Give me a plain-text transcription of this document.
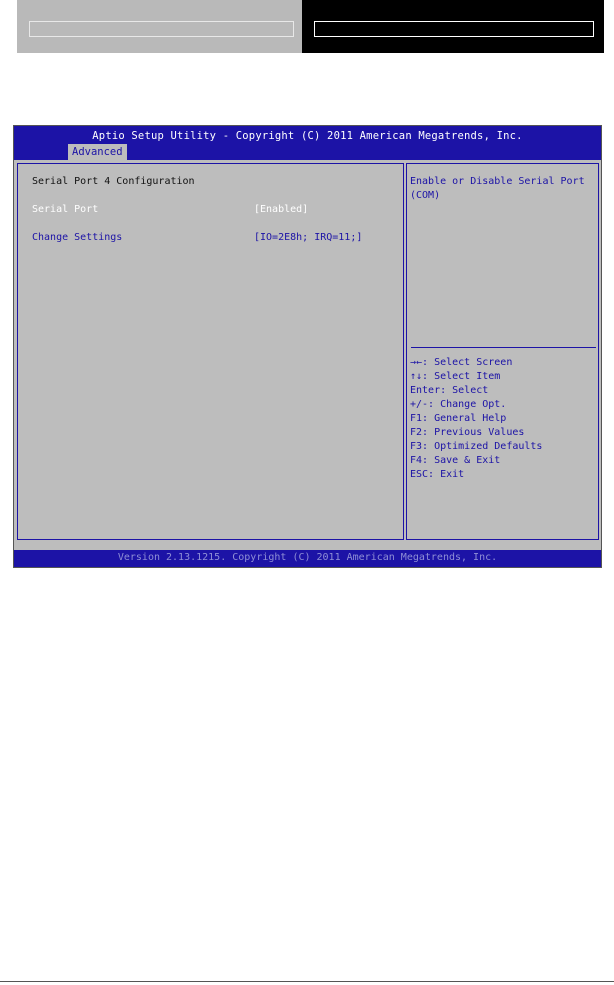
Aptio Setup Utility - Copyright (C) 2011 American Megatrends, Inc.
Advanced
Serial Port 4 Configuration
Serial Port	[Enabled]
Change Settings	[IO=2E8h; IRQ=11;]
Enable or Disable Serial Port
(COM)
→←: Select Screen
↑↓: Select Item
Enter: Select
+/-: Change Opt.
F1: General Help
F2: Previous Values
F3: Optimized Defaults
F4: Save & Exit
ESC: Exit
Version 2.13.1215. Copyright (C) 2011 American Megatrends, Inc.
